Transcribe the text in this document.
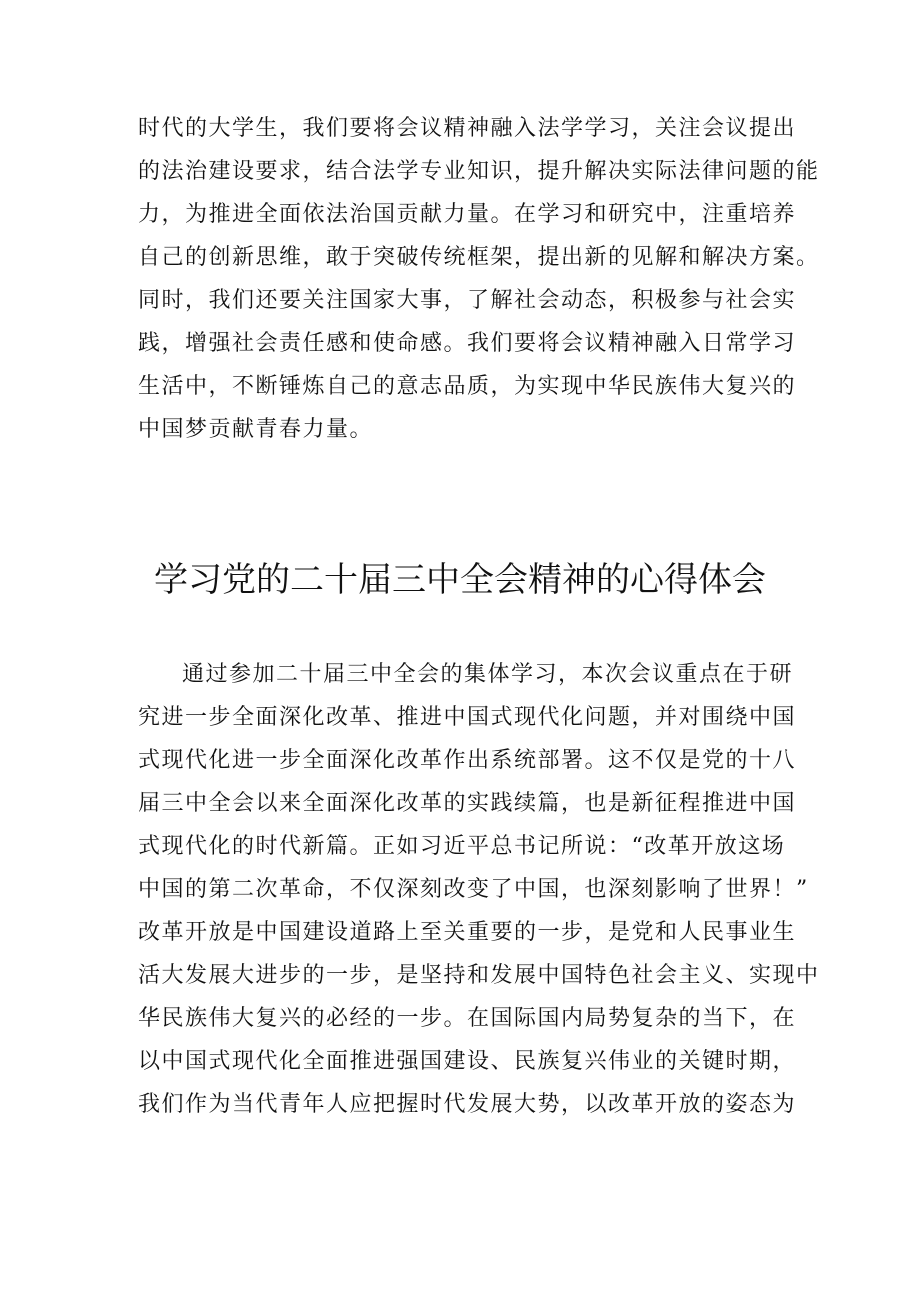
时代的大学生，我们要将会议精神融入法学学习，关注会议提出
的法治建设要求，结合法学专业知识，提升解决实际法律问题的能
力，为推进全面依法治国贡献力量。在学习和研究中，注重培养
自己的创新思维，敢于突破传统框架，提出新的见解和解决方案。
同时，我们还要关注国家大事，了解社会动态，积极参与社会实
践，增强社会责任感和使命感。我们要将会议精神融入日常学习
生活中，不断锤炼自己的意志品质，为实现中华民族伟大复兴的
中国梦贡献青春力量。
学习党的二十届三中全会精神的心得体会
通过参加二十届三中全会的集体学习，本次会议重点在于研
究进一步全面深化改革、推进中国式现代化问题，并对围绕中国
式现代化进一步全面深化改革作出系统部署。这不仅是党的十八
届三中全会以来全面深化改革的实践续篇，也是新征程推进中国
式现代化的时代新篇。正如习近平总书记所说：“改革开放这场
中国的第二次革命，不仅深刻改变了中国，也深刻影响了世界！”
改革开放是中国建设道路上至关重要的一步，是党和人民事业生
活大发展大进步的一步，是坚持和发展中国特色社会主义、实现中
华民族伟大复兴的必经的一步。在国际国内局势复杂的当下，在
以中国式现代化全面推进强国建设、民族复兴伟业的关键时期，
我们作为当代青年人应把握时代发展大势，以改革开放的姿态为
